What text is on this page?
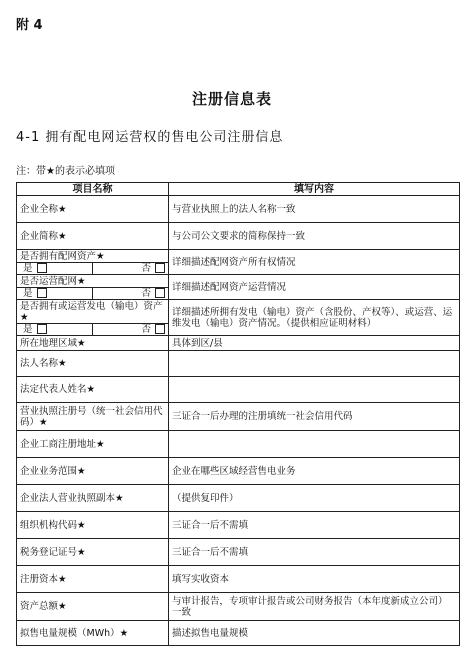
附 4
注册信息表
4-1 拥有配电网运营权的售电公司注册信息
注：带★的表示必填项
项目名称	填写内容
企业全称★	与营业执照上的法人名称一致
企业简称★	与公司公文要求的简称保持一致

是否拥有配网资产★
是 否	详细描述配网资产所有权情况

是否运营配网★
是 否	详细描述配网资产运营情况

是否拥有或运营发电（输电）资产★
是 否	详细描述所拥有发电（输电）资产（含股份、产权等）、或运营、运维发电（输电）资产情况。（提供相应证明材料）
所在地理区域★	具体到区/县
法人名称★	
法定代表人姓名★	
营业执照注册号（统一社会信用代码）★	三证合一后办理的注册填统一社会信用代码
企业工商注册地址★	
企业业务范围★	企业在哪些区域经营售电业务
企业法人营业执照副本★	（提供复印件）
组织机构代码★	三证合一后不需填
税务登记证号★	三证合一后不需填
注册资本★	填写实收资本
资产总额★	与审计报告，专项审计报告或公司财务报告（本年度新成立公司）一致
拟售电量规模（MWh）★	描述拟售电量规模
